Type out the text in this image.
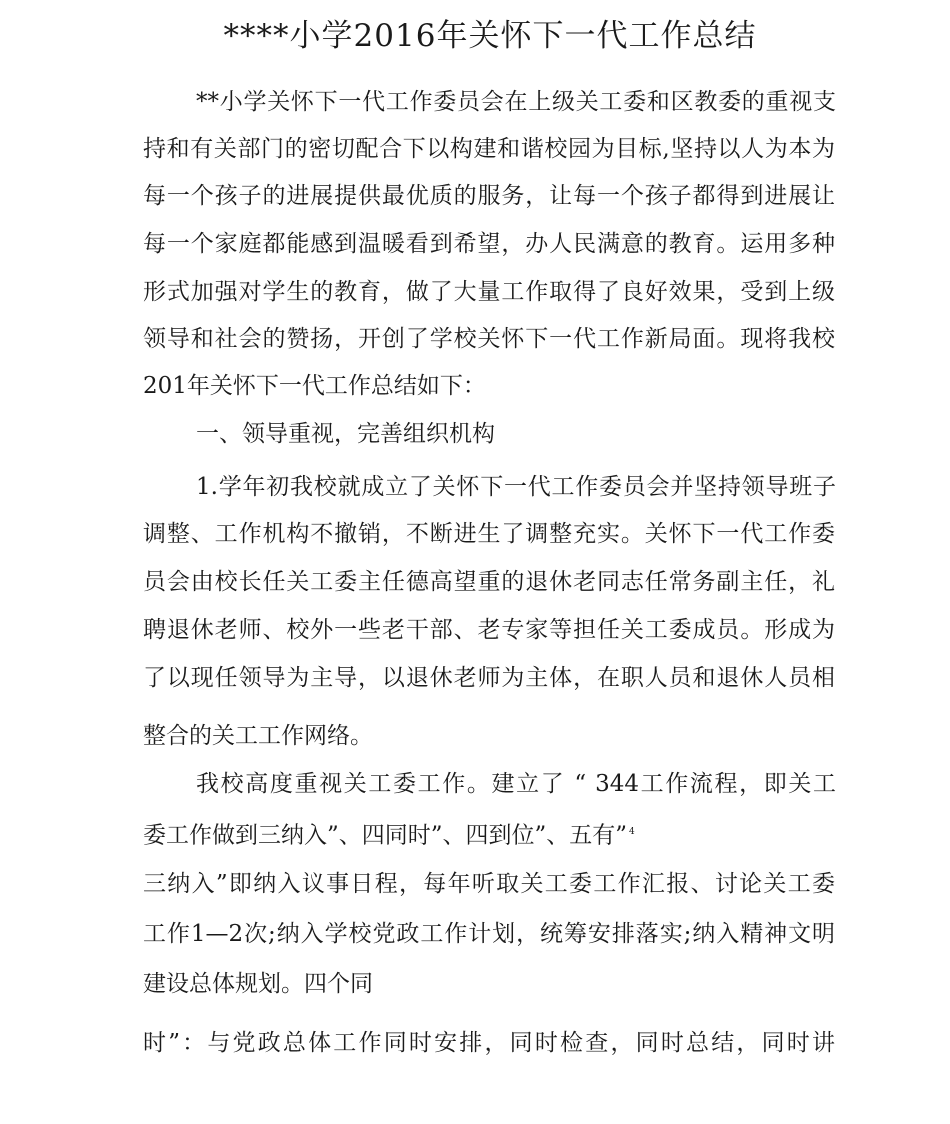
****小学2016年关怀下一代工作总结
**小学关怀下一代工作委员会在上级关工委和区教委的重视支
持和有关部门的密切配合下以构建和谐校园为目标,坚持以人为本为
每一个孩子的进展提供最优质的服务，让每一个孩子都得到进展让
每一个家庭都能感到温暖看到希望，办人民满意的教育。运用多种
形式加强对学生的教育，做了大量工作取得了良好效果，受到上级
领导和社会的赞扬，开创了学校关怀下一代工作新局面。现将我校
201年关怀下一代工作总结如下：
一、领导重视，完善组织机构
1.学年初我校就成立了关怀下一代工作委员会并坚持领导班子
调整、工作机构不撤销，不断进生了调整充实。关怀下一代工作委
员会由校长任关工委主任德高望重的退休老同志任常务副主任，礼
聘退休老师、校外一些老干部、老专家等担任关工委成员。形成为
了以现任领导为主导，以退休老师为主体，在职人员和退休人员相
整合的关工工作网络。
我校高度重视关工委工作。建立了 “ 344工作流程，即关工
委工作做到三纳入”、四同时”、四到位”、五有” $^4$
三纳入”即纳入议事日程，每年听取关工委工作汇报、讨论关工委
工作1—2次;纳入学校党政工作计划，统筹安排落实;纳入精神文明
建设总体规划。四个同
时”：与党政总体工作同时安排，同时检查，同时总结，同时讲
